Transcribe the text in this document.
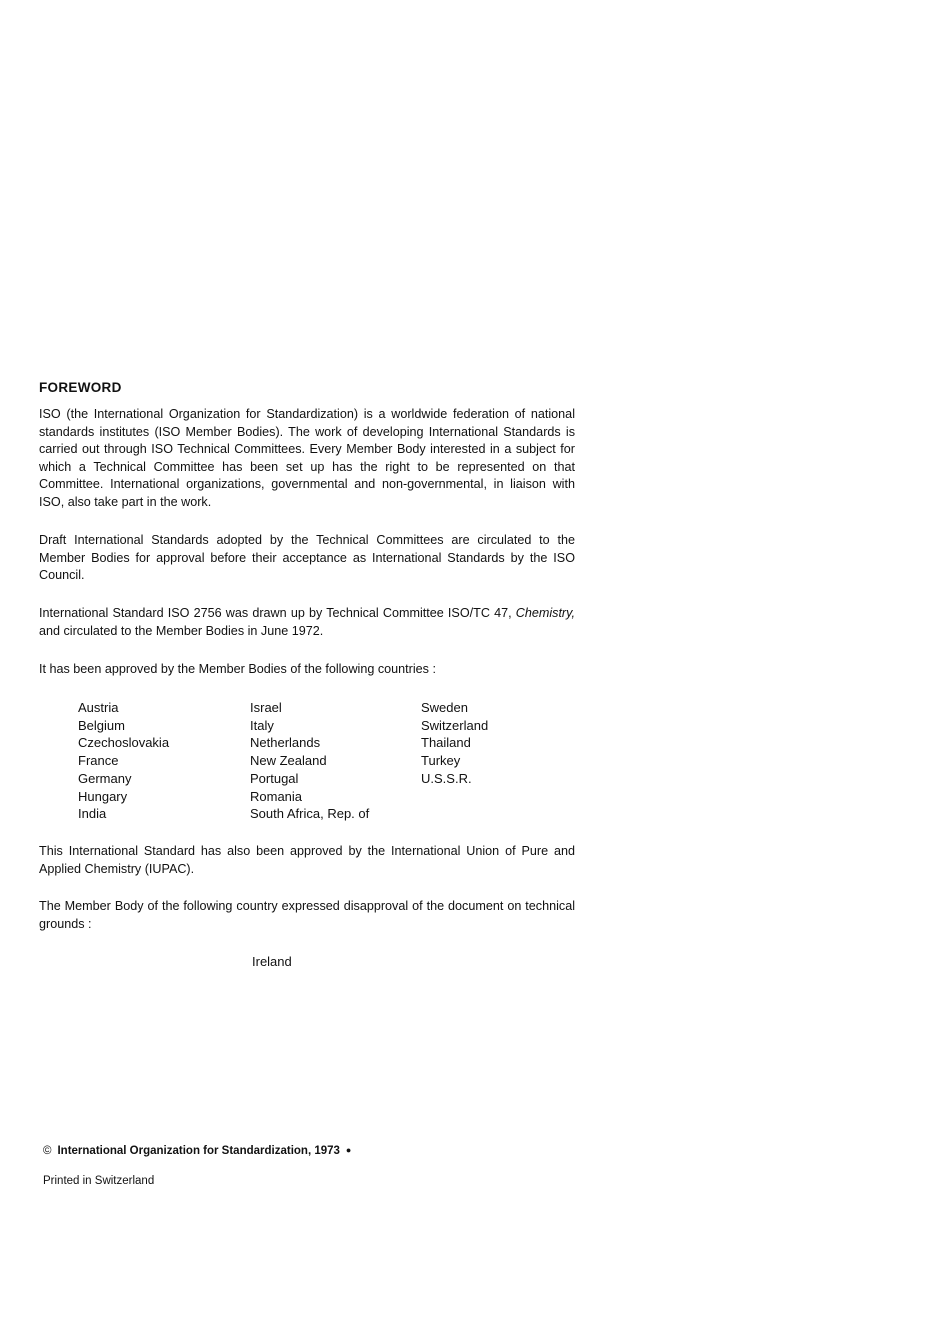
FOREWORD

ISO (the International Organization for Standardization) is a worldwide federation of national standards institutes (ISO Member Bodies). The work of developing International Standards is carried out through ISO Technical Committees. Every Member Body interested in a subject for which a Technical Committee has been set up has the right to be represented on that Committee. International organizations, governmental and non-governmental, in liaison with ISO, also take part in the work.

Draft International Standards adopted by the Technical Committees are circulated to the Member Bodies for approval before their acceptance as International Standards by the ISO Council.

International Standard ISO 2756 was drawn up by Technical Committee ISO/TC 47, Chemistry, and circulated to the Member Bodies in June 1972.

It has been approved by the Member Bodies of the following countries :

Austria
Belgium
Czechoslovakia
France
Germany
Hungary
India
Israel
Italy
Netherlands
New Zealand
Portugal
Romania
South Africa, Rep. of
Sweden
Switzerland
Thailand
Turkey
U.S.S.R.

This International Standard has also been approved by the International Union of Pure and Applied Chemistry (IUPAC).

The Member Body of the following country expressed disapproval of the document on technical grounds :

Ireland
© International Organization for Standardization, 1973 ●
Printed in Switzerland
